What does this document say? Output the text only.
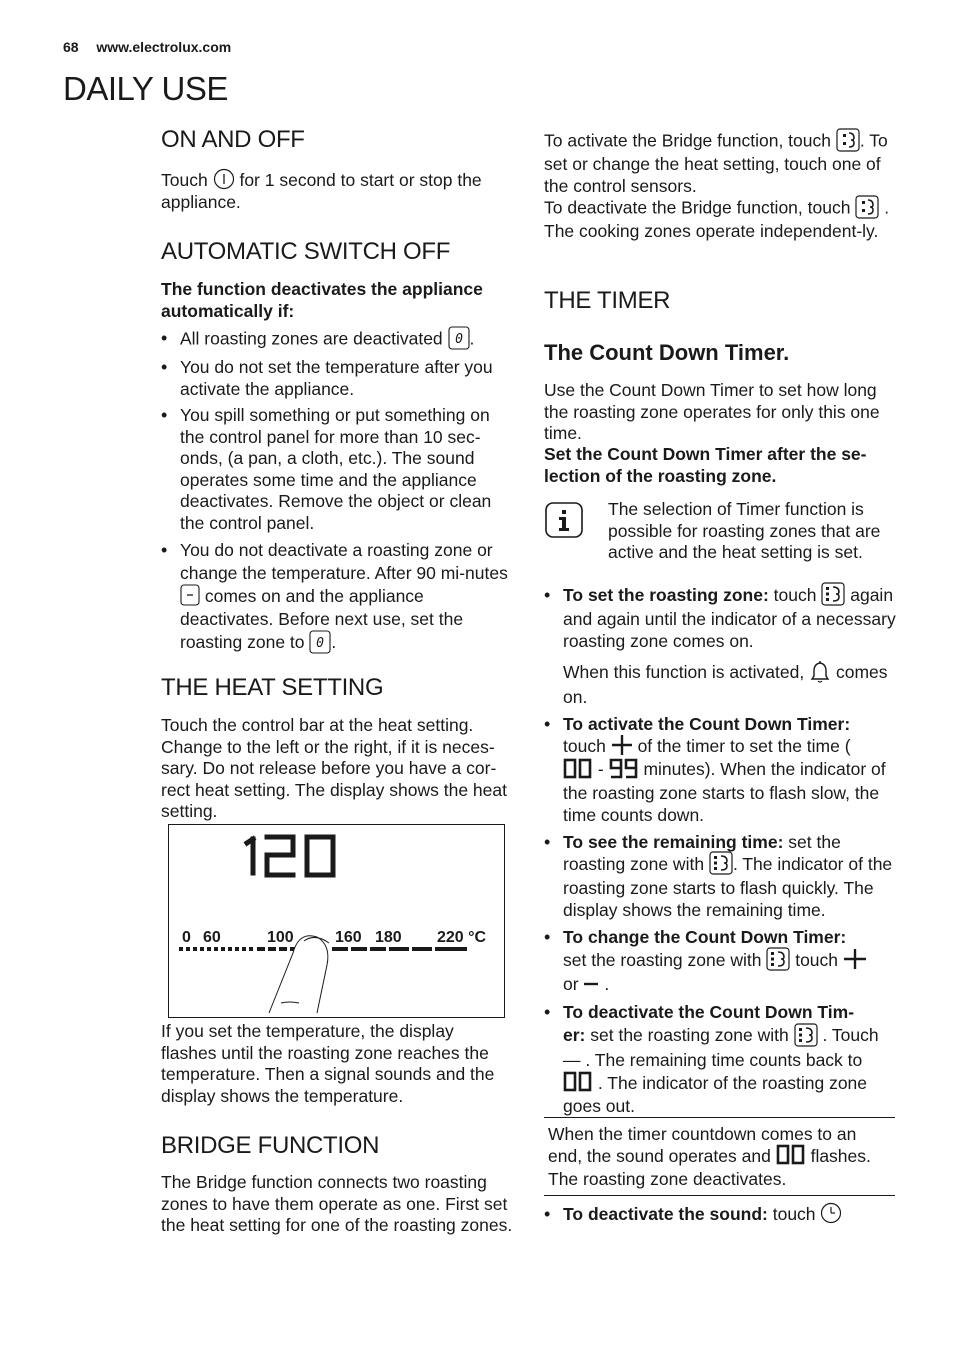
68 www.electrolux.com
DAILY USE
ON AND OFF
Touch for 1 second to start or stop the appliance.
AUTOMATIC SWITCH OFF
The function deactivates the appliance automatically if:
• All roasting zones are deactivated 0 .
• You do not set the temperature after you activate the appliance.
• You spill something or put something on the control panel for more than 10 sec-onds, (a pan, a cloth, etc.). The sound operates some time and the appliance deactivates. Remove the object or clean the control panel.
• You do not deactivate a roasting zone or change the temperature. After 90 mi-nutes
comes on and the appliance deactivates. Before next use, set the roasting zone to 0 .
THE HEAT SETTING
Touch the control bar at the heat setting. Change to the left or the right, if it is neces-sary. Do not release before you have a cor-rect heat setting. The display shows the heat setting.
0 60	100	160 180 220 °C
If you set the temperature, the display flashes until the roasting zone reaches the temperature. Then a signal sounds and the display shows the temperature.
BRIDGE FUNCTION
The Bridge function connects two roasting zones to have them operate as one. First set the heat setting for one of the roasting zones.
To activate the Bridge function, touch . To set or change the heat setting, touch one of the control sensors.
To deactivate the Bridge function, touch . The cooking zones operate independent-ly.
THE TIMER
The Count Down Timer.
Use the Count Down Timer to set how long the roasting zone operates for only this one time.
Set the Count Down Timer after the se-lection of the roasting zone.
The selection of Timer function is possible for roasting zones that are active and the heat setting is set.
• To set the roasting zone: touch again and again until the indicator of a necessary roasting zone comes on.
When this function is activated, comes on.
• To activate the Count Down Timer:
touch of the timer to set the time (

- minutes). When the indicator of the roasting zone starts to flash slow, the time counts down.
• To see the remaining time: set the roasting zone with . The indicator of the roasting zone starts to flash quickly. The display shows the remaining time.
• To change the Count Down Timer:
set the roasting zone with touch

or .
• To deactivate the Count Down Tim-
er: set the roasting zone with . Touch — . The remaining time counts back to
. The indicator of the roasting zone goes out.
When the timer countdown comes to an end, the sound operates and flashes. The roasting zone deactivates.
• To deactivate the sound: touch
